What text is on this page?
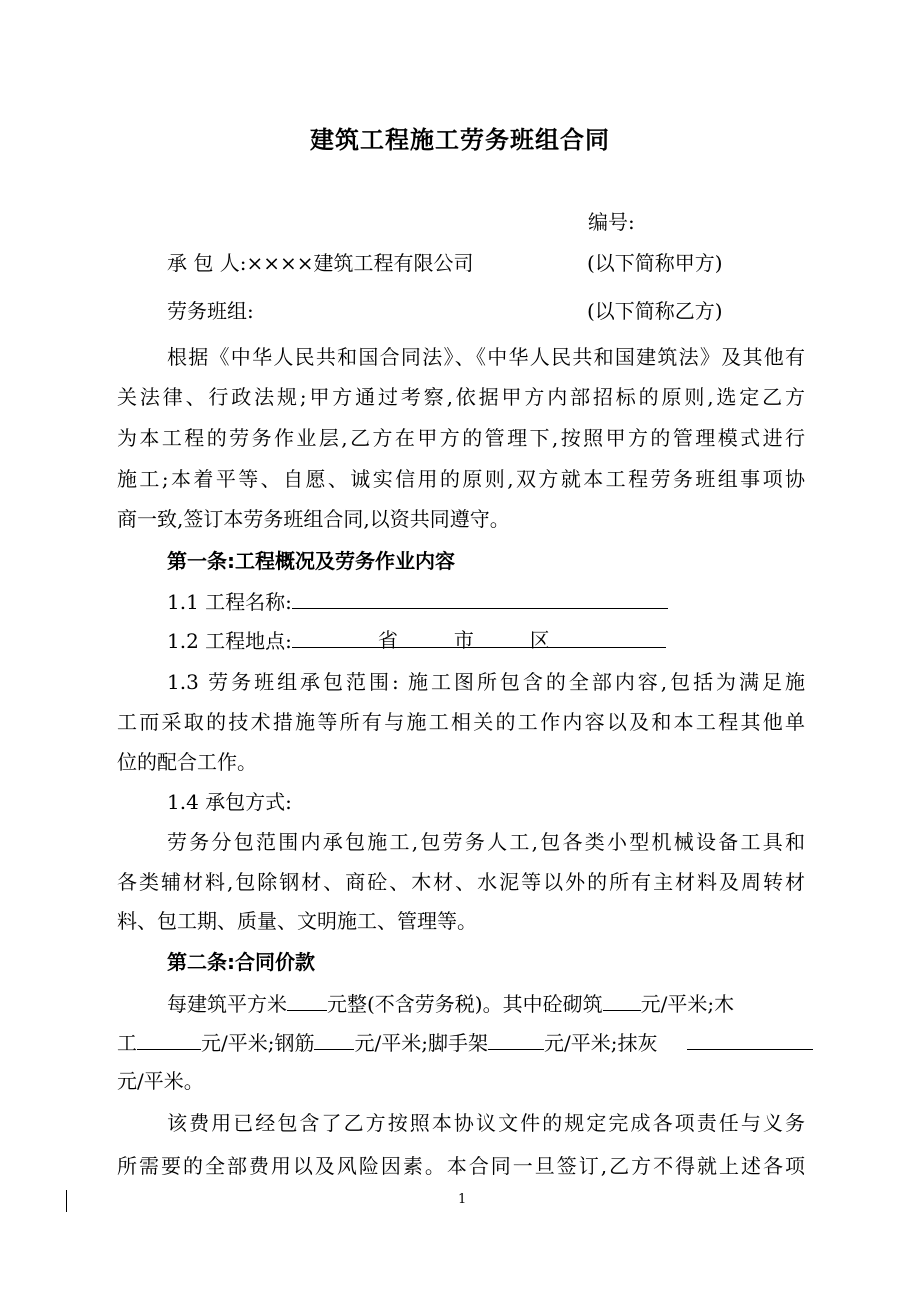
建筑工程施工劳务班组合同
编号:
承 包 人:××××建筑工程有限公司	(以下简称甲方)
劳务班组:	(以下简称乙方)
根据《中华人民共和国合同法》、《中华人民共和国建筑法》及其他有
关法律、行政法规;甲方通过考察,依据甲方内部招标的原则,选定乙方
为本工程的劳务作业层,乙方在甲方的管理下,按照甲方的管理模式进行
施工;本着平等、自愿、诚实信用的原则,双方就本工程劳务班组事项协
商一致,签订本劳务班组合同,以资共同遵守。
第一条:工程概况及劳务作业内容
1.1 工程名称:
1.2 工程地点:	省	市	区
1.3 劳务班组承包范围: 施工图所包含的全部内容,包括为满足施
工而采取的技术措施等所有与施工相关的工作内容以及和本工程其他单
位的配合工作。
1.4 承包方式:
劳务分包范围内承包施工,包劳务人工,包各类小型机械设备工具和
各类辅材料,包除钢材、商砼、木材、水泥等以外的所有主材料及周转材
料、包工期、质量、文明施工、管理等。
第二条:合同价款
每建筑平方米 元整(不含劳务税)。其中砼砌筑 元/平米;木
工	元/平米;钢筋 元/平米;脚手架	元/平米;抹灰
元/平米。
该费用已经包含了乙方按照本协议文件的规定完成各项责任与义务
所需要的全部费用以及风险因素。本合同一旦签订,乙方不得就上述各项
1
